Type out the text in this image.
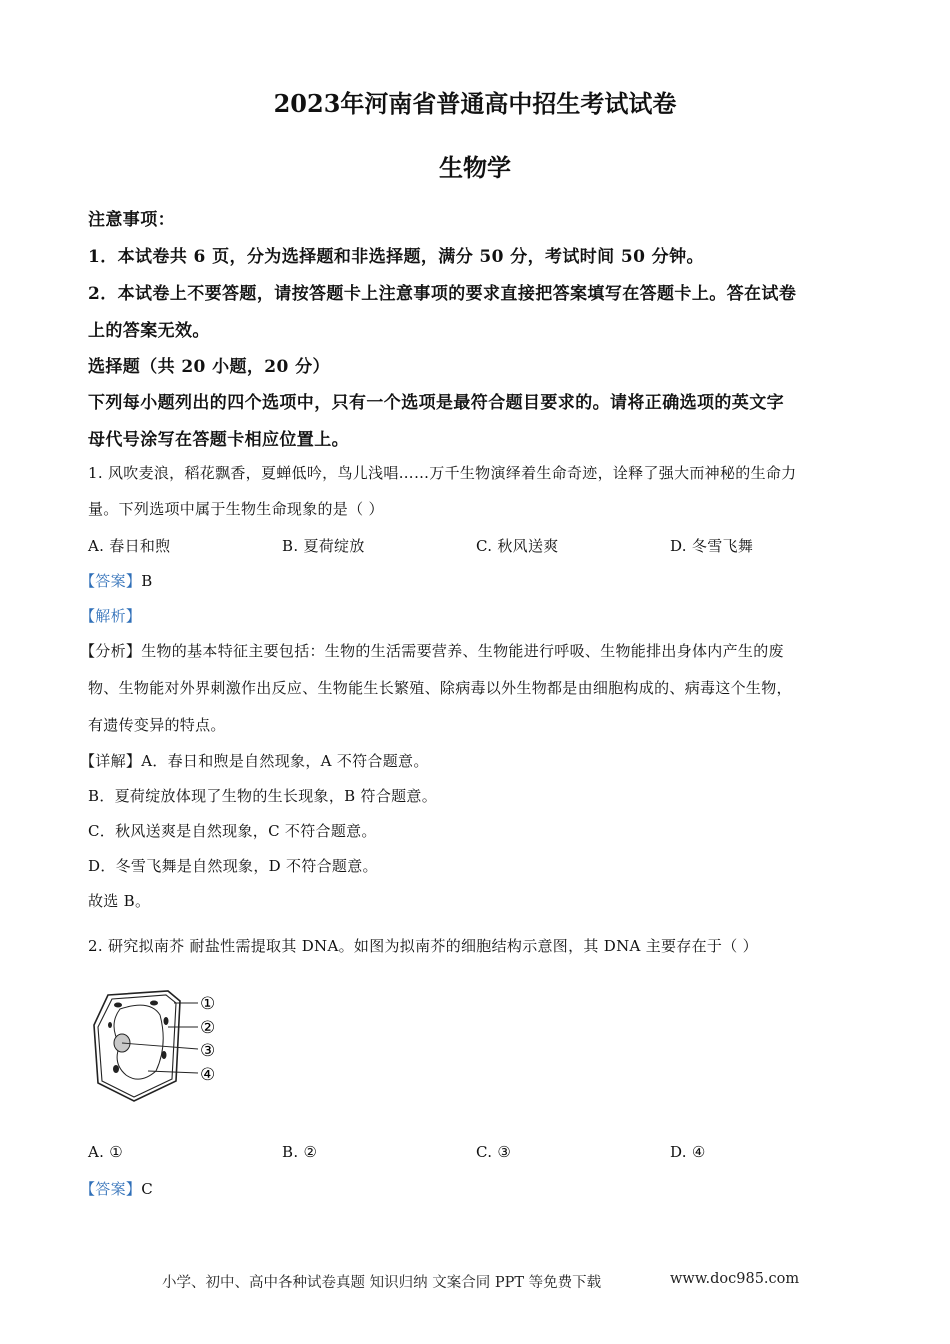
2023年河南省普通高中招生考试试卷
生物学
注意事项：
1．本试卷共 6 页，分为选择题和非选择题，满分 50 分，考试时间 50 分钟。
2．本试卷上不要答题，请按答题卡上注意事项的要求直接把答案填写在答题卡上。答在试卷
上的答案无效。
选择题（共 20 小题，20 分）
下列每小题列出的四个选项中，只有一个选项是最符合题目要求的。请将正确选项的英文字
母代号涂写在答题卡相应位置上。
1. 风吹麦浪，稻花飘香，夏蝉低吟，鸟儿浅唱……万千生物演绎着生命奇迹，诠释了强大而神秘的生命力
量。下列选项中属于生物生命现象的是（ ）
A. 春日和煦	B. 夏荷绽放	C. 秋风送爽	D. 冬雪飞舞
【答案】B
【解析】
【分析】生物的基本特征主要包括：生物的生活需要营养、生物能进行呼吸、生物能排出身体内产生的废
物、生物能对外界刺激作出反应、生物能生长繁殖、除病毒以外生物都是由细胞构成的、病毒这个生物，
有遗传变异的特点。
【详解】A．春日和煦是自然现象，A 不符合题意。
B．夏荷绽放体现了生物的生长现象，B 符合题意。
C．秋风送爽是自然现象，C 不符合题意。
D．冬雪飞舞是自然现象，D 不符合题意。
故选 B。
2. 研究拟南芥 耐盐性需提取其 DNA。如图为拟南芥的细胞结构示意图，其 DNA 主要存在于（ ）
①
②
③
④
A. ①	B. ②	C. ③	D. ④
【答案】C
小学、初中、高中各种试卷真题 知识归纳 文案合同 PPT 等免费下载	www.doc985.com
